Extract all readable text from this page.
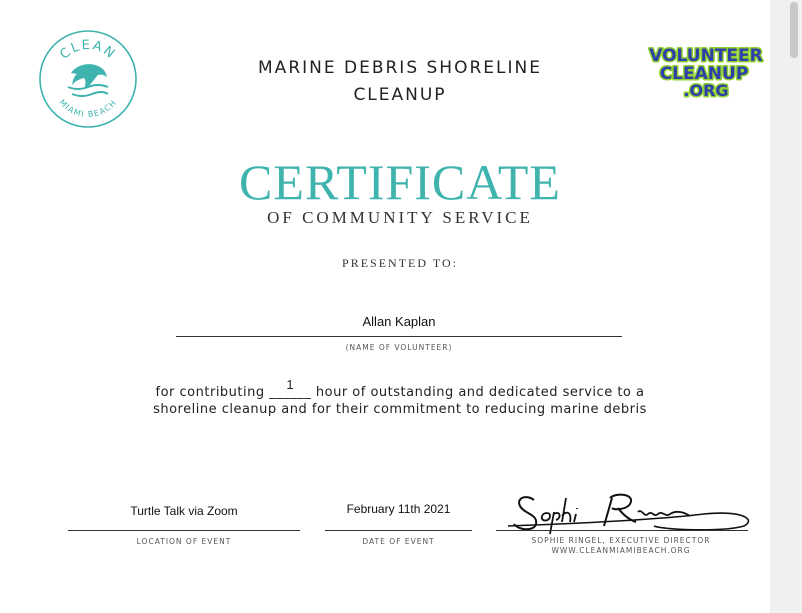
CLEAN
MIAMI BEACH
VOLUNTEER
CLEANUP
.ORG
MARINE DEBRIS SHORELINE
CLEANUP
CERTIFICATE
OF COMMUNITY SERVICE
PRESENTED TO:
Allan Kaplan
(NAME OF VOLUNTEER)
for contributing ___
1
___ hour of outstanding and dedicated service to a
shoreline cleanup and for their commitment to reducing marine debris
Turtle Talk via Zoom
LOCATION OF EVENT
February 11th 2021
DATE OF EVENT	SOPHIE RINGEL, EXECUTIVE DIRECTOR
WWW.CLEANMIAMIBEACH.ORG
